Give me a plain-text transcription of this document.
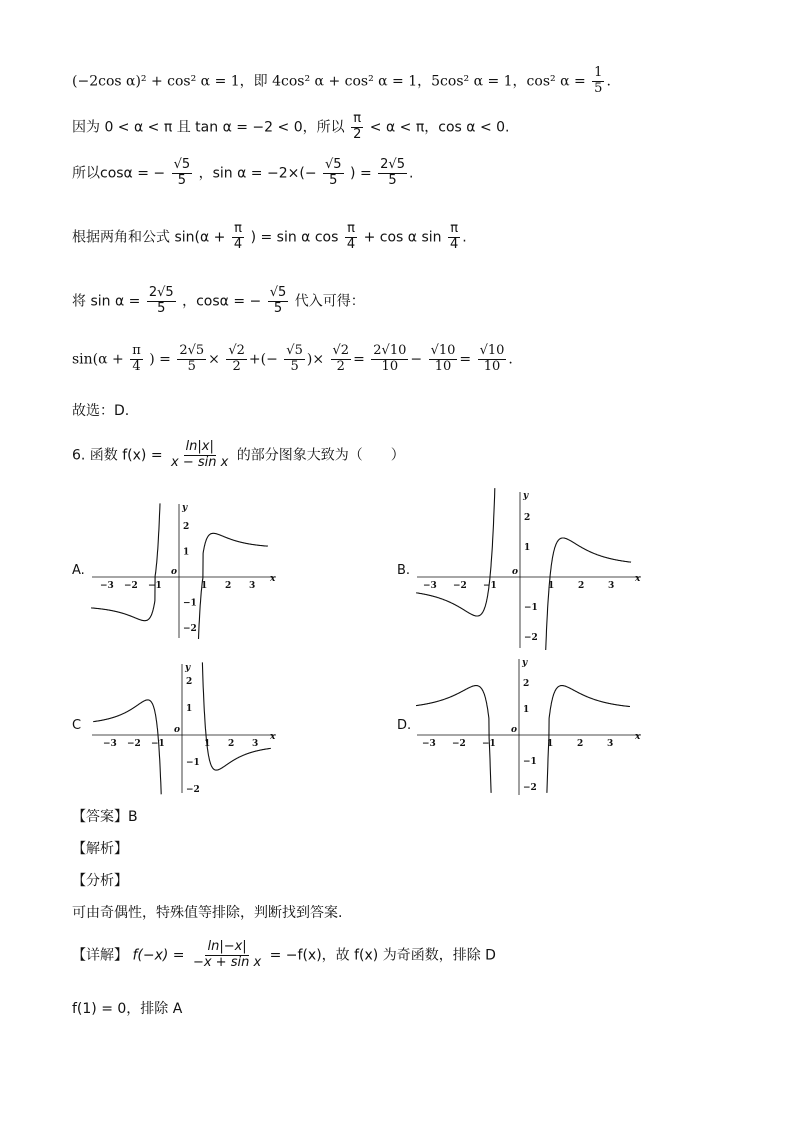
(−2cos α)² + cos² α = 1，即 4cos² α + cos² α = 1，5cos² α = 1，cos² $\alpha = \frac{1}{5}$ .
因为 0 < α < π 且 tan α = −2 < 0，所以 $\frac{\pi}{2} < \alpha < \pi$，cos α < 0.
所以cosα = − $\frac{√5}{5}$ ，$\sin \alpha = -2\times(- \frac{√5}{5}$ ) = $\frac{2√5}{5}$ .
根据两角和公式 $\sin(\alpha + \frac{\pi}{4}$ ) = sin α $\cos \frac{\pi}{4} + \cos \alpha$ $\sin \frac{\pi}{4}$ .
将 $\sin \alpha = \frac{2√5}{5}$ ，cosα = − $\frac{√5}{5}$ 代入可得：
$\sin(\alpha + \frac{\pi}{4}$ ) = $\frac{2√5}{5} \times \frac{√2}{2}$ +(− $\frac{√5}{5}$ )× $\frac{√2}{2} = \frac{2√10}{10} - \frac{√10}{10} = \frac{√10}{10}$ .
故选：D.
6. 函数 $f(x) = \frac{\ln|x|}{\text{x − sin x}}$ 的部分图象大致为（　　）
A.	B.
C	D.
x
y
o
−3 −2 −1	1 2 3
2
1
−1
−2
x
y
o
−3 −2 −1	1	2	3
2
1
−1
−2
x
y
o
−3 −2 −1	1 2 3
2
1
−1
−2
x
y
o
−3 −2 −1	1	2	3
2
1
−1
−2
【答案】B
【解析】
【分析】
可由奇偶性，特殊值等排除，判断找到答案.
【详解】 $f(-x) = \frac{\ln|-x|}{\text{−x + sin x}} = -f(x)$，故 f(x) 为奇函数，排除 D
f(1) = 0，排除 A
